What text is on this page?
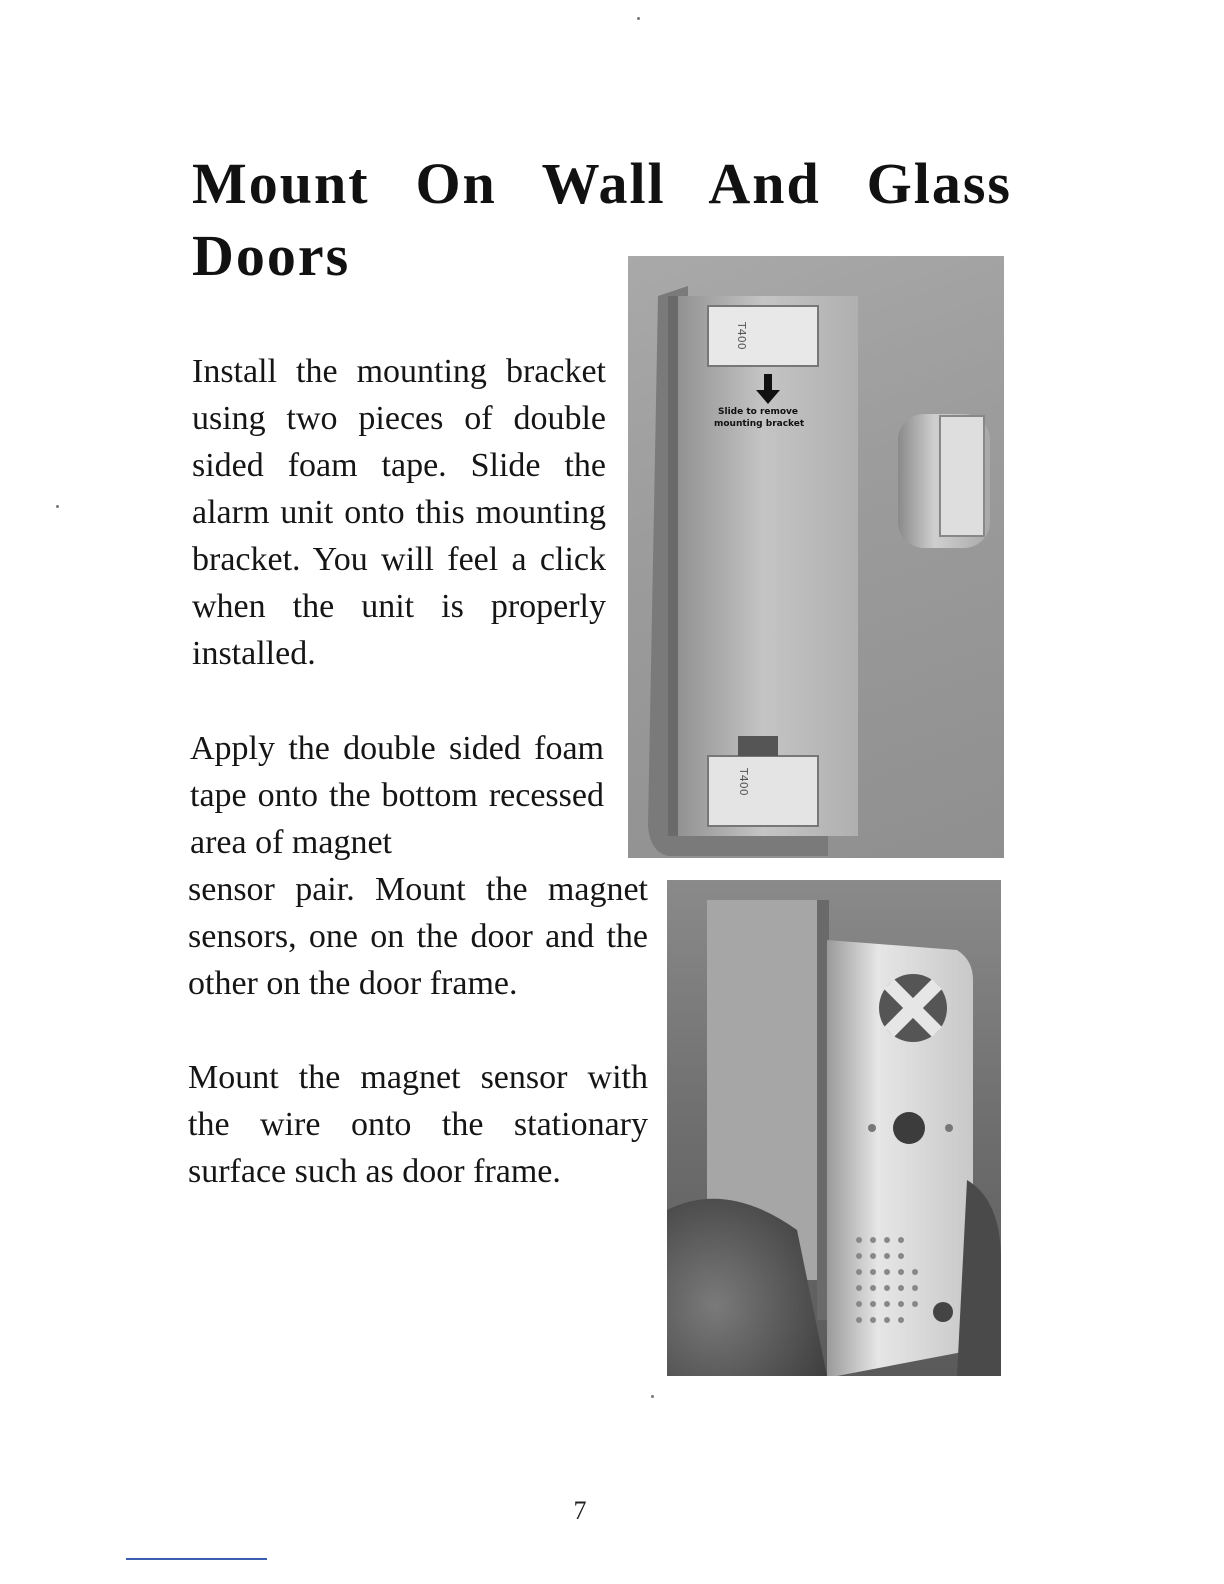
Mount On Wall And Glass
Doors

Install the mounting bracket using two pieces of double sided foam tape. Slide the alarm unit onto this mounting bracket. You will feel a click when the unit is properly installed.

Apply the double sided foam tape onto the bottom recessed area of magnet

sensor pair. Mount the magnet sensors, one on the door and the other on the door frame.

Mount the magnet sensor with the wire onto the stationary surface such as door frame.

T400
T400
Slide to remove
mounting bracket
7
